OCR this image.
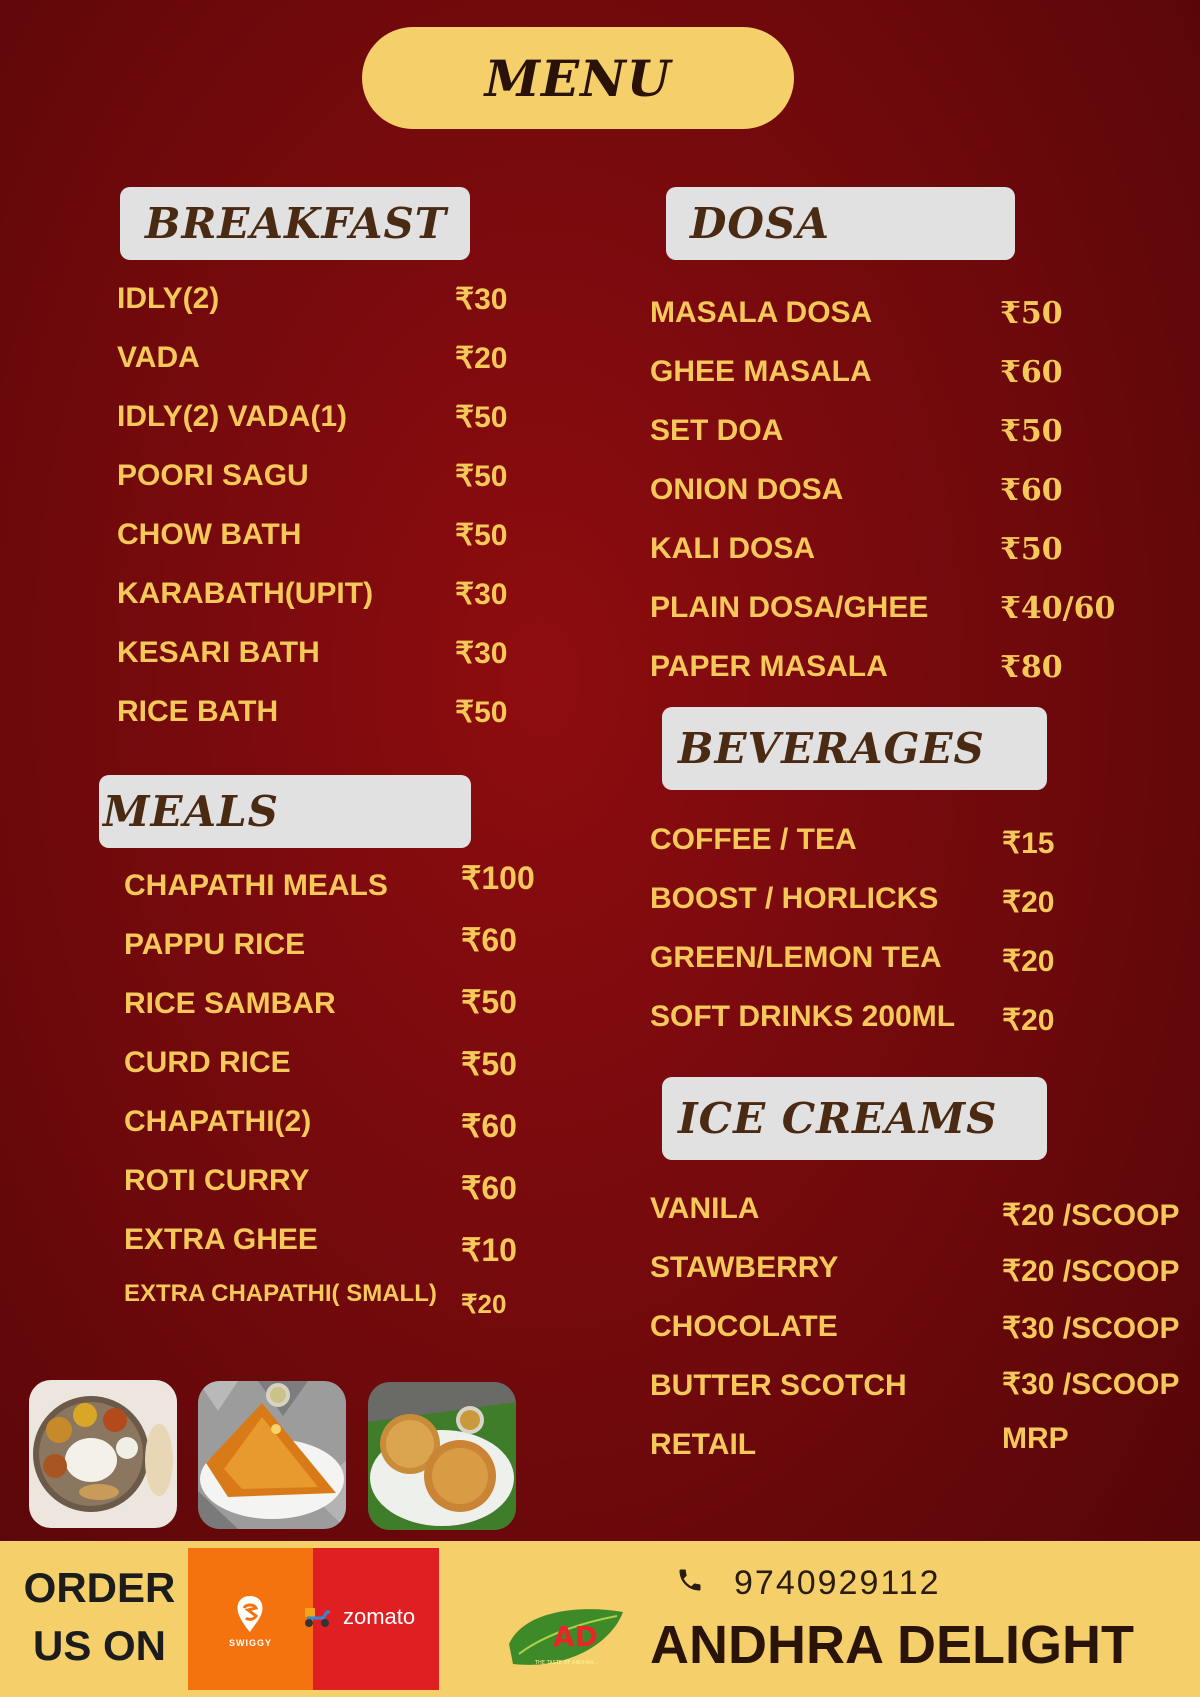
MENU
BREAKFAST	DOSA
MEALS
BEVERAGES
ICE CREAMS
IDLY(2)	₹30
VADA	₹20
IDLY(2) VADA(1)	₹50
POORI SAGU	₹50
CHOW BATH	₹50
KARABATH(UPIT)	₹30
KESARI BATH	₹30
RICE BATH	₹50
CHAPATHI MEALS ₹100
PAPPU RICE	₹60
RICE SAMBAR	₹50
CURD RICE	₹50
CHAPATHI(2)	₹60
ROTI CURRY	₹60
EXTRA GHEE	₹10
EXTRA CHAPATHI( SMALL) ₹20
MASALA DOSA	₹50
GHEE MASALA	₹60
SET DOA	₹50
ONION DOSA	₹60
KALI DOSA	₹50
PLAIN DOSA/GHEE ₹40/60
PAPER MASALA	₹80
COFFEE / TEA	₹15
BOOST / HORLICKS ₹20
GREEN/LEMON TEA ₹20
SOFT DRINKS 200ML ₹20
VANILA	₹20 /SCOOP
STAWBERRY	₹20 /SCOOP
CHOCOLATE	₹30 /SCOOP
BUTTER SCOTCH	₹30 /SCOOP
RETAIL	MRP
ORDER
US ON	SWIGGY
zomato
AD
THE TASTE OF ANDHRA...
9740929112
ANDHRA DELIGHT
